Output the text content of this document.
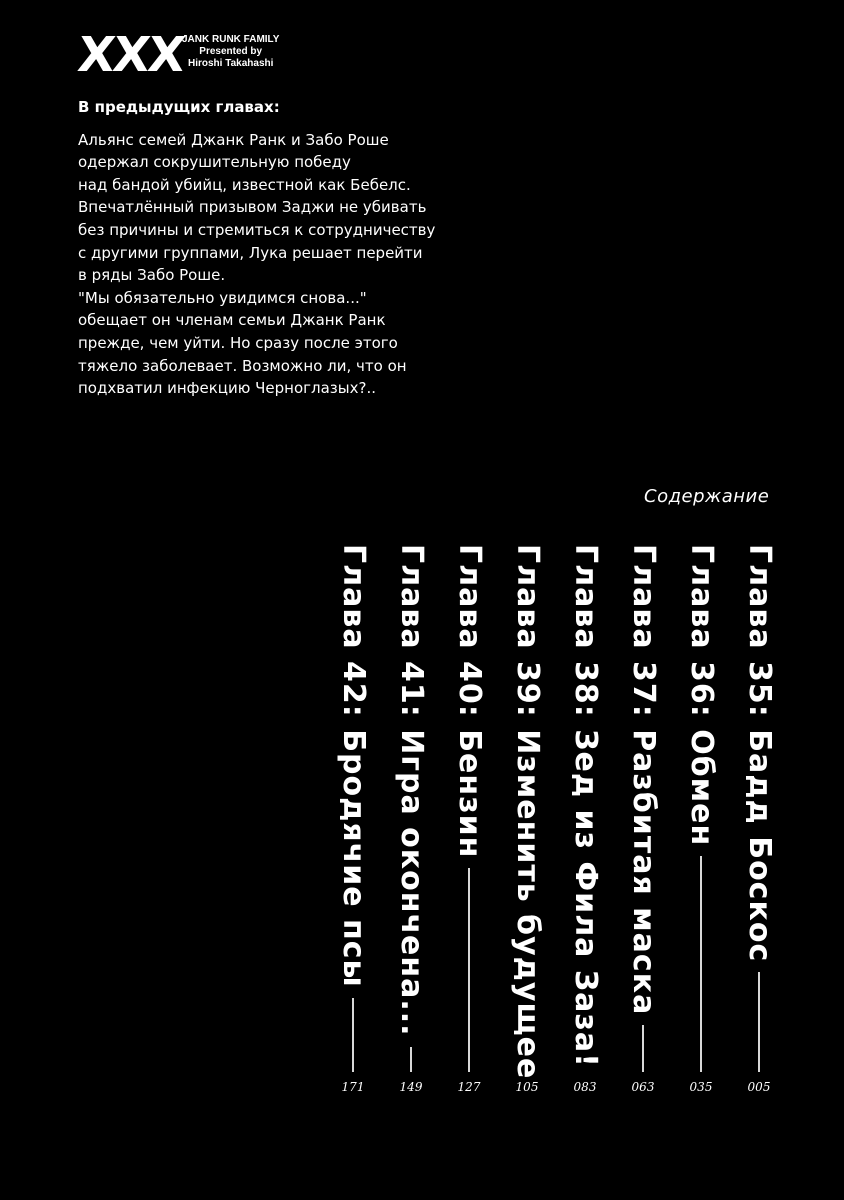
XXX
JANK RUNK FAMILY
Presented by
Hiroshi Takahashi
В предыдущих главах:
Альянс семей Джанк Ранк и Забо Роше
одержал сокрушительную победу
над бандой убийц, известной как Бебелс.
Впечатлённый призывом Заджи не убивать
без причины и стремиться к сотрудничеству
с другими группами, Лука решает перейти
в ряды Забо Роше.
"Мы обязательно увидимся снова..."
обещает он членам семьи Джанк Ранк
прежде, чем уйти. Но сразу после этого
тяжело заболевает. Возможно ли, что он
подхватил инфекцию Черноглазых?..
Содержание
Глава 35: Бадд Боскос
005
Глава 36: Обмен
035
Глава 37: Разбитая маска
063
Глава 38: Зед из Фила Заза!
083
Глава 39: Изменить будущее
105
Глава 40: Бензин
127
Глава 41: Игра окончена...
149
Глава 42: Бродячие псы
171
